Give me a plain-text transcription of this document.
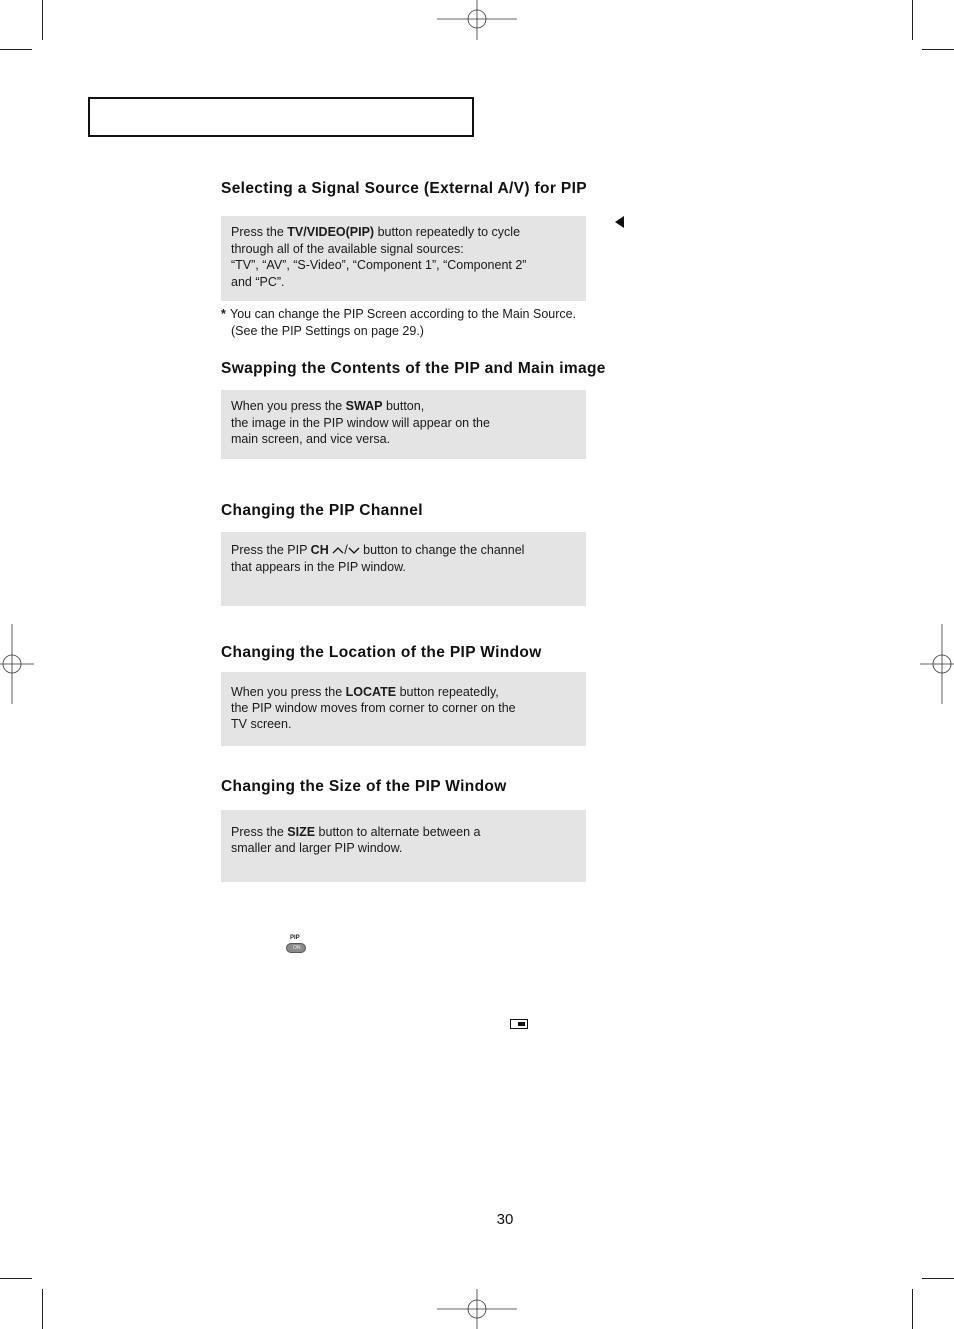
Selecting a Signal Source (External A/V) for PIP
Press the TV/VIDEO(PIP) button repeatedly to cycle
through all of the available signal sources:
“TV”, “AV”, “S-Video”, “Component 1”, “Component 2”
and “PC”.
* You can change the PIP Screen according to the Main Source.
(See the PIP Settings on page 29.)
Swapping the Contents of the PIP and Main image
When you press the SWAP button,
the image in the PIP window will appear on the
main screen, and vice versa.
Changing the PIP Channel
Press the PIP CH / button to change the channel
that appears in the PIP window.
Changing the Location of the PIP Window
When you press the LOCATE button repeatedly,
the PIP window moves from corner to corner on the
TV screen.
Changing the Size of the PIP Window
Press the SIZE button to alternate between a
smaller and larger PIP window.
PIP
ON
30
